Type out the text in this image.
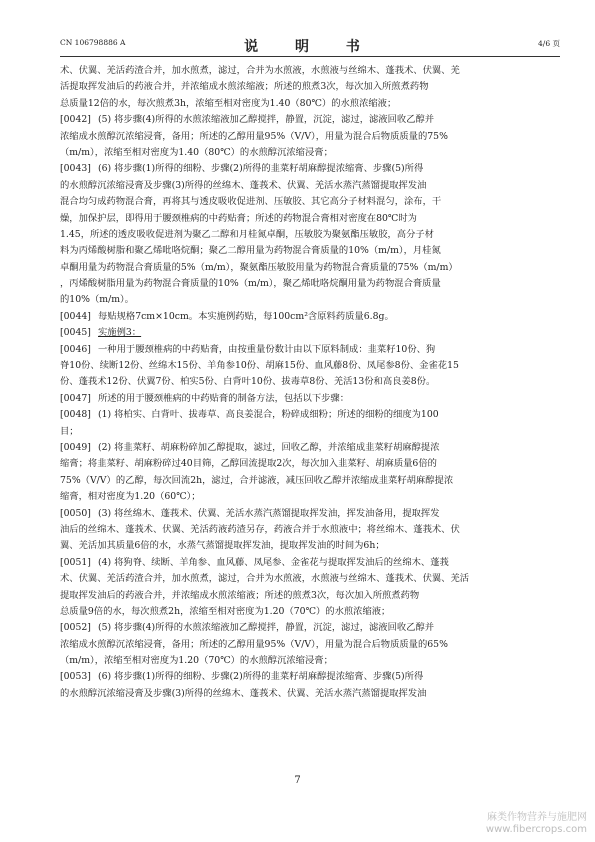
CN 106798886 A	说 明 书	4/6 页
术、伏翼、羌活药渣合并，加水煎煮，滤过，合并为水煎液，水煎液与丝绵木、蓬莪术、伏翼、羌
活提取挥发油后的药液合并，并浓缩成水煎浓缩液；所述的煎煮3次，每次加入所煎煮药物
总质量12倍的水，每次煎煮3h，浓缩至相对密度为1.40（80℃）的水煎浓缩液；
[0042] (5) 将步骤(4)所得的水煎浓缩液加乙醇搅拌，静置，沉淀，滤过，滤液回收乙醇并
浓缩成水煎醇沉浓缩浸膏，备用；所述的乙醇用量95%（V/V），用量为混合后物质质量的75%
（m/m），浓缩至相对密度为1.40（80℃）的水煎醇沉浓缩浸膏；
[0043] (6) 将步骤(1)所得的细粉、步骤(2)所得的韭菜籽胡麻醇提浓缩膏、步骤(5)所得
的水煎醇沉浓缩浸膏及步骤(3)所得的丝绵木、蓬莪术、伏翼、羌活水蒸汽蒸馏提取挥发油
混合均匀成药物混合膏，再将其与透皮吸收促进剂、压敏胶、其它高分子材料混匀，涂布，干
燥，加保护层，即得用于腰颈椎病的中药贴膏；所述的药物混合膏相对密度在80℃时为
1.45，所述的透皮吸收促进剂为聚乙二醇和月桂氮卓酮，压敏胶为聚氨酯压敏胶，高分子材
料为丙烯酸树脂和聚乙烯吡咯烷酮；聚乙二醇用量为药物混合膏质量的10%（m/m），月桂氮
卓酮用量为药物混合膏质量的5%（m/m），聚氨酯压敏胶用量为药物混合膏质量的75%（m/m）
，丙烯酸树脂用量为药物混合膏质量的10%（m/m），聚乙烯吡咯烷酮用量为药物混合膏质量
的10%（m/m）。
[0044] 每贴规格7cm×10cm。本实施例药贴，每100cm²含原料药质量6.8g。
[0045] 实施例3：
[0046] 一种用于腰颈椎病的中药贴膏，由按重量份数计由以下原料制成：韭菜籽10份、狗
脊10份、续断12份、丝绵木15份、羊角参10份、胡麻15份、血风藤8份、凤尾参8份、金雀花15
份、蓬莪术12份、伏翼7份、柏实5份、白背叶10份、拔毒草8份、羌活13份和高良姜8份。
[0047] 所述的用于腰颈椎病的中药贴膏的制备方法，包括以下步骤：
[0048] (1) 将柏实、白背叶、拔毒草、高良姜混合，粉碎成细粉；所述的细粉的细度为100
目；
[0049] (2) 将韭菜籽、胡麻粉碎加乙醇提取，滤过，回收乙醇，并浓缩成韭菜籽胡麻醇提浓
缩膏；将韭菜籽、胡麻粉碎过40目筛，乙醇回流提取2次，每次加入韭菜籽、胡麻质量6倍的
75%（V/V）的乙醇，每次回流2h，滤过，合并滤液，减压回收乙醇并浓缩成韭菜籽胡麻醇提浓
缩膏，相对密度为1.20（60℃）；
[0050] (3) 将丝绵木、蓬莪术、伏翼、羌活水蒸汽蒸馏提取挥发油，挥发油备用，提取挥发
油后的丝绵木、蓬莪术、伏翼、羌活药液药渣另存，药液合并于水煎液中；将丝绵木、蓬莪术、伏
翼、羌活加其质量6倍的水，水蒸气蒸馏提取挥发油，提取挥发油的时间为6h；
[0051] (4) 将狗脊、续断、羊角参、血风藤、凤尾参、金雀花与提取挥发油后的丝绵木、蓬莪
术、伏翼、羌活药渣合并，加水煎煮，滤过，合并为水煎液，水煎液与丝绵木、蓬莪术、伏翼、羌活
提取挥发油后的药液合并，并浓缩成水煎浓缩液；所述的煎煮3次，每次加入所煎煮药物
总质量9倍的水，每次煎煮2h，浓缩至相对密度为1.20（70℃）的水煎浓缩液；
[0052] (5) 将步骤(4)所得的水煎浓缩液加乙醇搅拌，静置，沉淀，滤过，滤液回收乙醇并
浓缩成水煎醇沉浓缩浸膏，备用；所述的乙醇用量95%（V/V），用量为混合后物质质量的65%
（m/m），浓缩至相对密度为1.20（70℃）的水煎醇沉浓缩浸膏；
[0053] (6) 将步骤(1)所得的细粉、步骤(2)所得的韭菜籽胡麻醇提浓缩膏、步骤(5)所得
的水煎醇沉浓缩浸膏及步骤(3)所得的丝绵木、蓬莪术、伏翼、羌活水蒸汽蒸馏提取挥发油
7
麻类作物营养与施肥网
www.fibercrops.com
